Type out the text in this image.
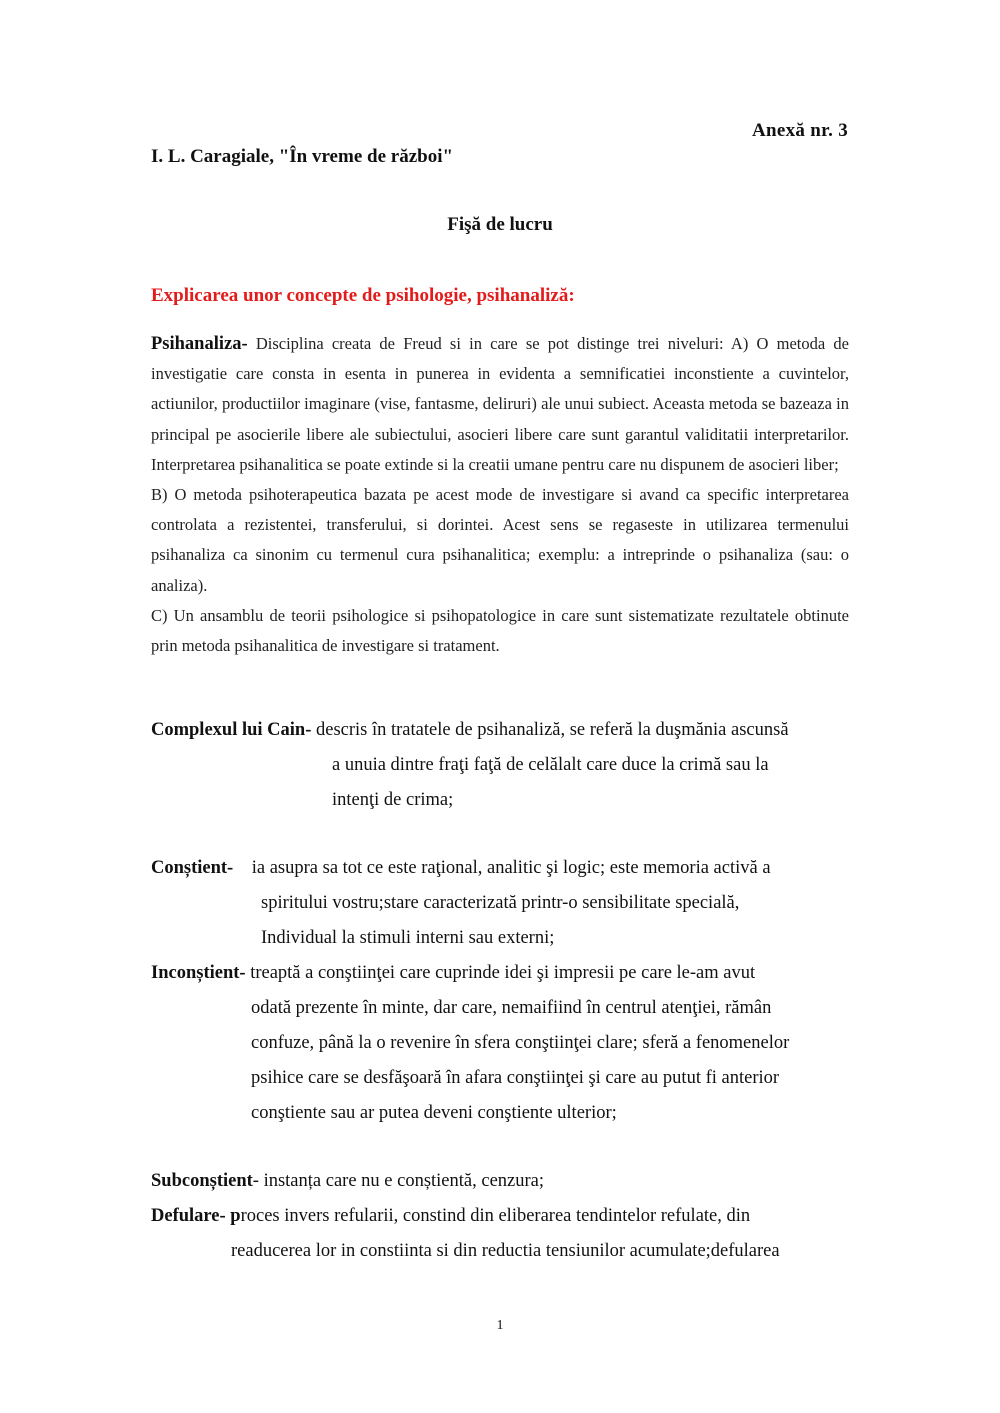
Anexă nr. 3
I. L. Caragiale, "În vreme de război"
Fişă de lucru
Explicarea unor concepte de psihologie, psihanaliză:

Psihanaliza- Disciplina creata de Freud si in care se pot distinge trei niveluri: A) O metoda de investigatie care consta in esenta in punerea in evidenta a semnificatiei inconstiente a cuvintelor, actiunilor, productiilor imaginare (vise, fantasme, deliruri) ale unui subiect. Aceasta metoda se bazeaza in principal pe asocierile libere ale subiectului, asocieri libere care sunt garantul validitatii interpretarilor. Interpretarea psihanalitica se poate extinde si la creatii umane pentru care nu dispunem de asocieri liber;

B) O metoda psihoterapeutica bazata pe acest mode de investigare si avand ca specific interpretarea controlata a rezistentei, transferului, si dorintei. Acest sens se regaseste in utilizarea termenului psihanaliza ca sinonim cu termenul cura psihanalitica; exemplu: a intreprinde o psihanaliza (sau: o analiza).

C) Un ansamblu de teorii psihologice si psihopatologice in care sunt sistematizate rezultatele obtinute prin metoda psihanalitica de investigare si tratament.

Complexul lui Cain- descris în tratatele de psihanaliză, se referă la duşmănia ascunsă
a unuia dintre fraţi faţă de celălalt care duce la crimă sau la
intenţi de crima;
Conștient-    ia asupra sa tot ce este raţional, analitic şi logic; este memoria activă a
spiritului vostru;stare caracterizată printr-o sensibilitate specială,
Individual la stimuli interni sau externi;
Inconștient- treaptă a conştiinţei care cuprinde idei şi impresii pe care le-am avut
odată prezente în minte, dar care, nemaifiind în centrul atenţiei, rămân
confuze, până la o revenire în sfera conştiinţei clare; sferă a fenomenelor
psihice care se desfăşoară în afara conştiinţei şi care au putut fi anterior
conştiente sau ar putea deveni conştiente ulterior;
Subconștient- instanța care nu e conștientă, cenzura;
Defulare- proces invers refularii, constind din eliberarea tendintelor refulate, din
readucerea lor in constiinta si din reductia tensiunilor acumulate;defularea
1
